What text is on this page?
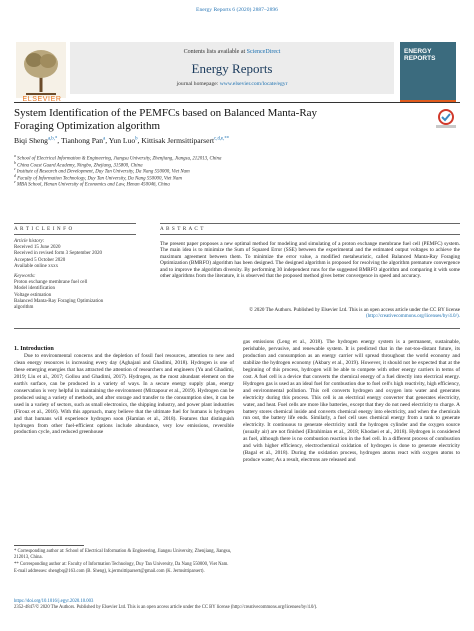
Energy Reports 6 (2020) 2887–2896
Contents lists available at ScienceDirect
Energy Reports
journal homepage: www.elsevier.com/locate/egyr
ELSEVIER
ENERGY
REPORTS
System Identification of the PEMFCs based on Balanced Manta-Ray
Foraging Optimization algorithm
Biqi Sheng$^{a,b,*}$, Tianhong Pan$^a$, Yun Luo$^b$, Kittisak Jermsittiparsert$^{c,d,e,**}$
$^a$ School of Electrical Information & Engineering, Jiangsu University, Zhenjiang, Jiangsu, 212013, China
$^b$ China Coast Guard Academy, Ningbo, Zhejiang, 315800, China
$^c$ Institute of Research and Development, Duy Tan University, Da Nang 550000, Viet Nam
$^d$ Faculty of Information Technology, Duy Tan University, Da Nang 550000, Viet Nam
$^e$ MBA School, Henan University of Economics and Law, Henan 450046, China
A R T I C L E I N F O	A B S T R A C T
Article history:
Received 15 June 2020
Received in revised form 3 September 2020
Accepted 5 October 2020
Available online xxxx
Keywords:
Proton exchange membrane fuel cell
Model identification
Voltage estimation
Balanced Manta-Ray Foraging Optimization
algorithm
The present paper proposes a new optimal method for modeling and simulating of a proton exchange membrane fuel cell (PEMFC) system. The main idea is to minimize the Sum of Squared Error (SSE) between the experimental and the estimated output voltages to achieve the maximum agreement between them. To minimize the error value, a modified metaheuristic, called Balanced Manta-Ray Foraging Optimization (BMRFO) algorithm has been designed. The designed algorithm is proposed for resolving the algorithm premature convergence and to improve the algorithm diversity. By performing 30 independent runs for the suggested BMRFO algorithm and comparing it with some other algorithms from the literature, it is observed that the proposed method gives better convergence in speed and accuracy.
© 2020 The Authors. Published by Elsevier Ltd. This is an open access article under the CC BY license
(http://creativecommons.org/licenses/by/4.0/).
1. Introduction

Due to environmental concerns and the depletion of fossil fuel resources, attention to new and clean energy resources is increasing every day (Aghajani and Ghadimi, 2018). Hydrogen is one of these emerging energies that has attracted the attention of researchers and engineers (Yu and Ghadimi, 2019; Liu et al., 2017; Gollou and Ghadimi, 2017). Hydrogen, as the most abundant element on the earth's surface, can be produced in a variety of ways. In a secure energy supply plan, energy conservation is very helpful in maintaining the environment (Mirzapour et al., 2019). Hydrogen can be produced using a variety of methods, and after storage and transfer to the consumption sites, it can be used in a variety of sectors, such as small electronics, the shipping industry, and power plant industries (Firouz et al., 2016). With this approach, many believe that the ultimate fuel for humans is hydrogen and that humans will experience hydrogen soon (Hamian et al., 2018). Features that distinguish hydrogen from other fuel-efficient options include abundance, very low emissions, reversible production cycle, and reduced greenhouse

gas emissions (Leng et al., 2018). The hydrogen energy system is a permanent, sustainable, perishable, pervasive, and renewable system. It is predicted that in the not-too-distant future, its production and consumption as an energy carrier will spread throughout the world economy and stabilize the hydrogen economy (Akbary et al., 2019). However, it should not be expected that at the beginning of this process, hydrogen will be able to compete with other energy carriers in terms of cost. A fuel cell is a device that converts the chemical energy of a fuel directly into electrical energy. Hydrogen gas is used as an ideal fuel for combustion due to fuel cell's high reactivity, high efficiency, and environmental pollution. This cell converts hydrogen and oxygen into water and generates electricity during this process. This cell is an electrical energy converter that generates electricity, water, and heat. Fuel cells are more like batteries, except that they do not need electricity to charge. A battery stores chemical inside and converts chemical energy into electricity, and when the chemicals run out, the battery life ends. Similarly, a fuel cell uses chemical energy from a tank to generate electricity. It continuous to generate electricity until the hydrogen cylinder and the oxygen source (usually air) are not finished (Ebrahimian et al., 2018; Khodaei et al., 2018). Hydrogen is considered as fuel, although there is no combustion reaction in the fuel cell. In a different process of combustion and with higher efficiency, electrochemical oxidation of hydrogen is done to generate electricity (Bagal et al., 2018). During the oxidation process, hydrogen atoms react with oxygen atoms to produce water; As a result, electrons are released and

* Corresponding author at: School of Electrical Information & Engineering, Jiangsu University, Zhenjiang, Jiangsu, 212013, China.
** Corresponding author at: Faculty of Information Technology, Duy Tan University, Da Nang 550000, Viet Nam.
E-mail addresses: shengbq@163.com (B. Sheng), k.jermsittiparsert@gmail.com (K. Jermsittiparsert).
https://doi.org/10.1016/j.egyr.2020.10.003
2352-4847/© 2020 The Authors. Published by Elsevier Ltd. This is an open access article under the CC BY license (http://creativecommons.org/licenses/by/4.0/).
